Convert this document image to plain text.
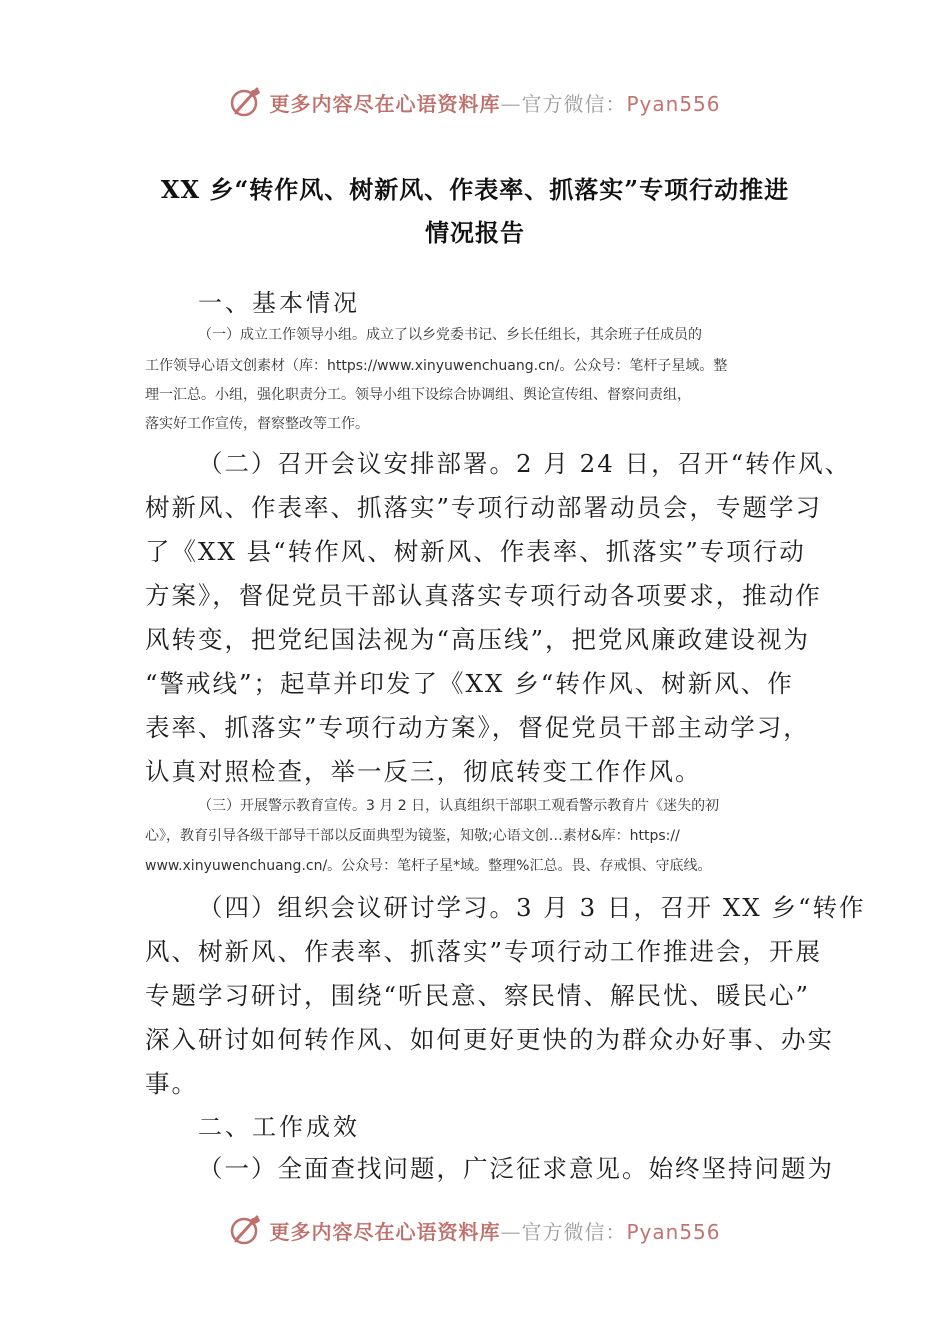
更多内容尽在心语资料库—官方微信：Pyan556
XX 乡“转作风、树新风、作表率、抓落实”专项行动推进
情况报告
一、基本情况
（一）成立工作领导小组。成立了以乡党委书记、乡长任组长，其余班子任成员的
工作领导心语文创素材（库：https://www.xinyuwenchuang.cn/。公众号：笔杆子星域。整
理一汇总。小组，强化职责分工。领导小组下设综合协调组、舆论宣传组、督察问责组，
落实好工作宣传，督察整改等工作。
（二）召开会议安排部署。2 月 24 日，召开“转作风、
树新风、作表率、抓落实”专项行动部署动员会，专题学习
了《XX 县“转作风、树新风、作表率、抓落实”专项行动
方案》，督促党员干部认真落实专项行动各项要求，推动作
风转变，把党纪国法视为“高压线”，把党风廉政建设视为
“警戒线”；起草并印发了《XX 乡“转作风、树新风、作
表率、抓落实”专项行动方案》，督促党员干部主动学习，
认真对照检查，举一反三，彻底转变工作作风。
（三）开展警示教育宣传。3 月 2 日，认真组织干部职工观看警示教育片《迷失的初
心》，教育引导各级干部导干部以反面典型为镜鉴，知敬;心语文创…素材&库：https://
www.xinyuwenchuang.cn/。公众号：笔杆子星*域。整理%汇总。畏、存戒惧、守底线。
（四）组织会议研讨学习。3 月 3 日，召开 XX 乡“转作
风、树新风、作表率、抓落实”专项行动工作推进会，开展
专题学习研讨，围绕“听民意、察民情、解民忧、暖民心”
深入研讨如何转作风、如何更好更快的为群众办好事、办实
事。
二、工作成效
（一）全面查找问题，广泛征求意见。始终坚持问题为
更多内容尽在心语资料库—官方微信：Pyan556
